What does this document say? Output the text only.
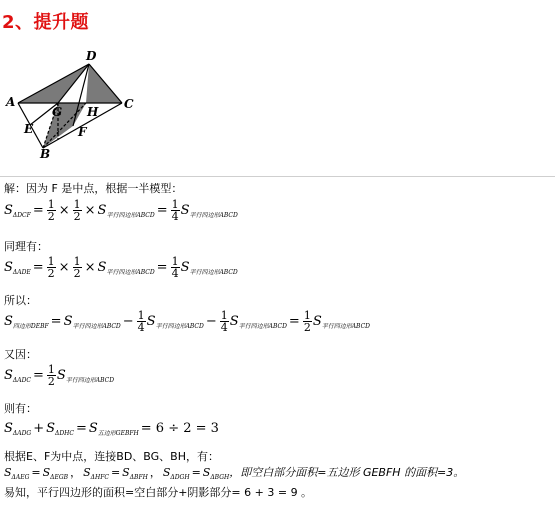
2、提升题
A
B
C
D
E	F
G H
解：因为 F 是中点，根据一半模型：
$S_{\Delta DCF} = \frac{1}{2} \times \frac{1}{2} \times S_{平行四边形ABCD} = \frac{1}{4} S_{平行四边形ABCD}$
同理有：
$S_{\Delta ADE} = \frac{1}{2} \times \frac{1}{2} \times S_{平行四边形ABCD} = \frac{1}{4} S_{平行四边形ABCD}$
所以：
$S_{四边形DEBF} = S_{平行四边形ABCD} - \frac{1}{4} S_{平行四边形ABCD} - \frac{1}{4} S_{平行四边形ABCD} = \frac{1}{2} S_{平行四边形ABCD}$
又因：
$S_{\Delta ADC} = \frac{1}{2} S_{平行四边形ABCD}$
则有：
$S_{\Delta ADG} + S_{\Delta DHC} = S_{五边形GEBFH} = 6 \div 2 = 3$
根据E、F为中点，连接BD、BG、BH，有：
$S_{\Delta AEG} = S_{\Delta EGB}$ ， $S_{\Delta HFC} = S_{\Delta BFH}$ ， $S_{\Delta DGH} = S_{\Delta BGH}$，即空白部分面积=五边形 GEBFH 的面积=3。
易知，平行四边形的面积=空白部分+阴影部分= 6 + 3 = 9 。
